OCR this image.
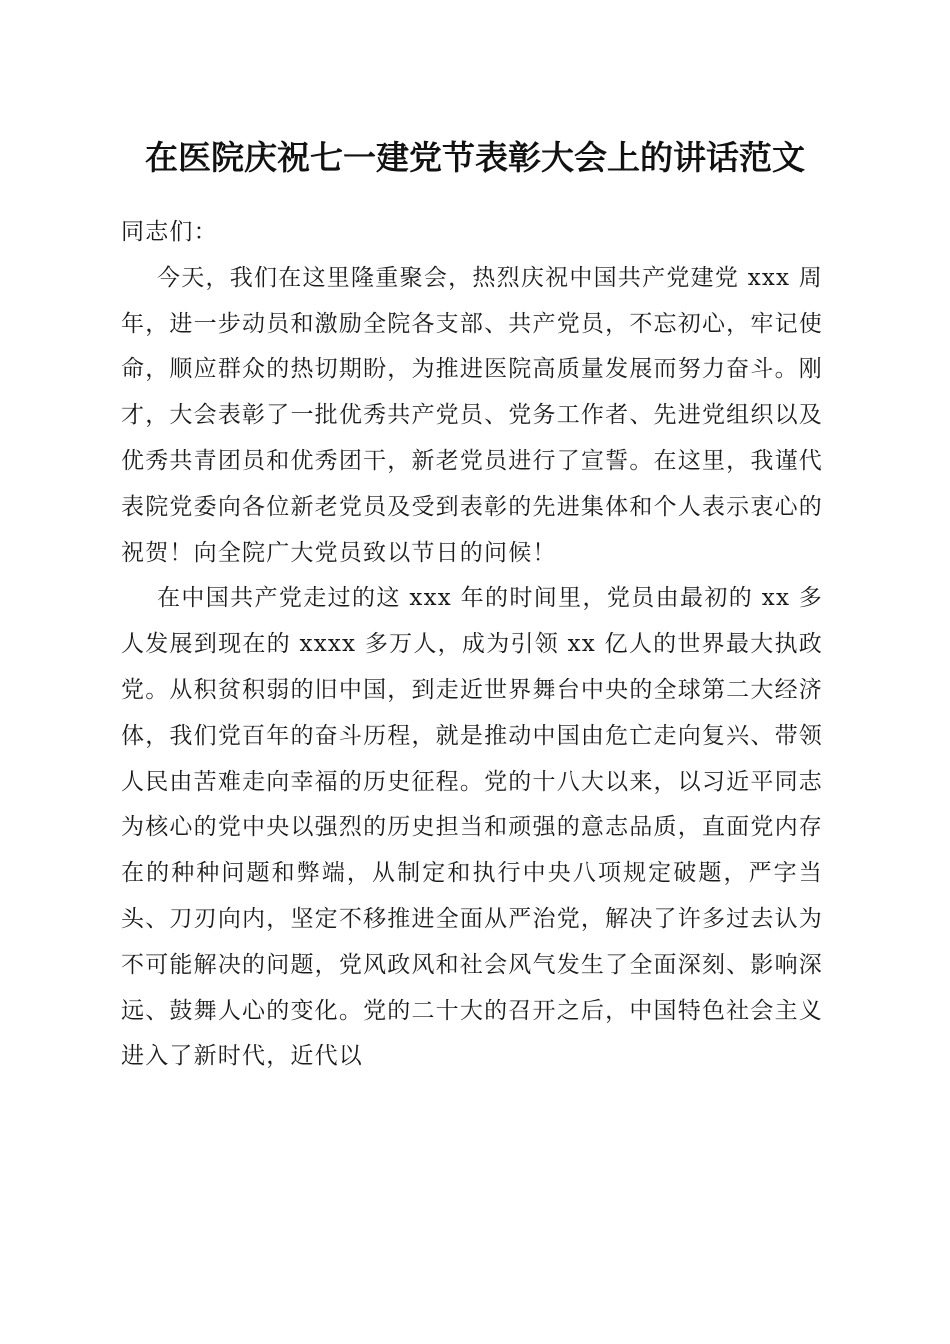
在医院庆祝七一建党节表彰大会上的讲话范文

同志们：

今天，我们在这里隆重聚会，热烈庆祝中国共产党建党 xxx 周年，进一步动员和激励全院各支部、共产党员，不忘初心，牢记使命，顺应群众的热切期盼，为推进医院高质量发展而努力奋斗。刚才，大会表彰了一批优秀共产党员、党务工作者、先进党组织以及优秀共青团员和优秀团干，新老党员进行了宣誓。在这里，我谨代表院党委向各位新老党员及受到表彰的先进集体和个人表示衷心的祝贺！向全院广大党员致以节日的问候！

在中国共产党走过的这 xxx 年的时间里，党员由最初的 xx 多人发展到现在的 xxxx 多万人，成为引领 xx 亿人的世界最大执政党。从积贫积弱的旧中国，到走近世界舞台中央的全球第二大经济体，我们党百年的奋斗历程，就是推动中国由危亡走向复兴、带领人民由苦难走向幸福的历史征程。党的十八大以来，以习近平同志为核心的党中央以强烈的历史担当和顽强的意志品质，直面党内存在的种种问题和弊端，从制定和执行中央八项规定破题，严字当头、刀刃向内，坚定不移推进全面从严治党，解决了许多过去认为不可能解决的问题，党风政风和社会风气发生了全面深刻、影响深远、鼓舞人心的变化。党的二十大的召开之后，中国特色社会主义进入了新时代，近代以
